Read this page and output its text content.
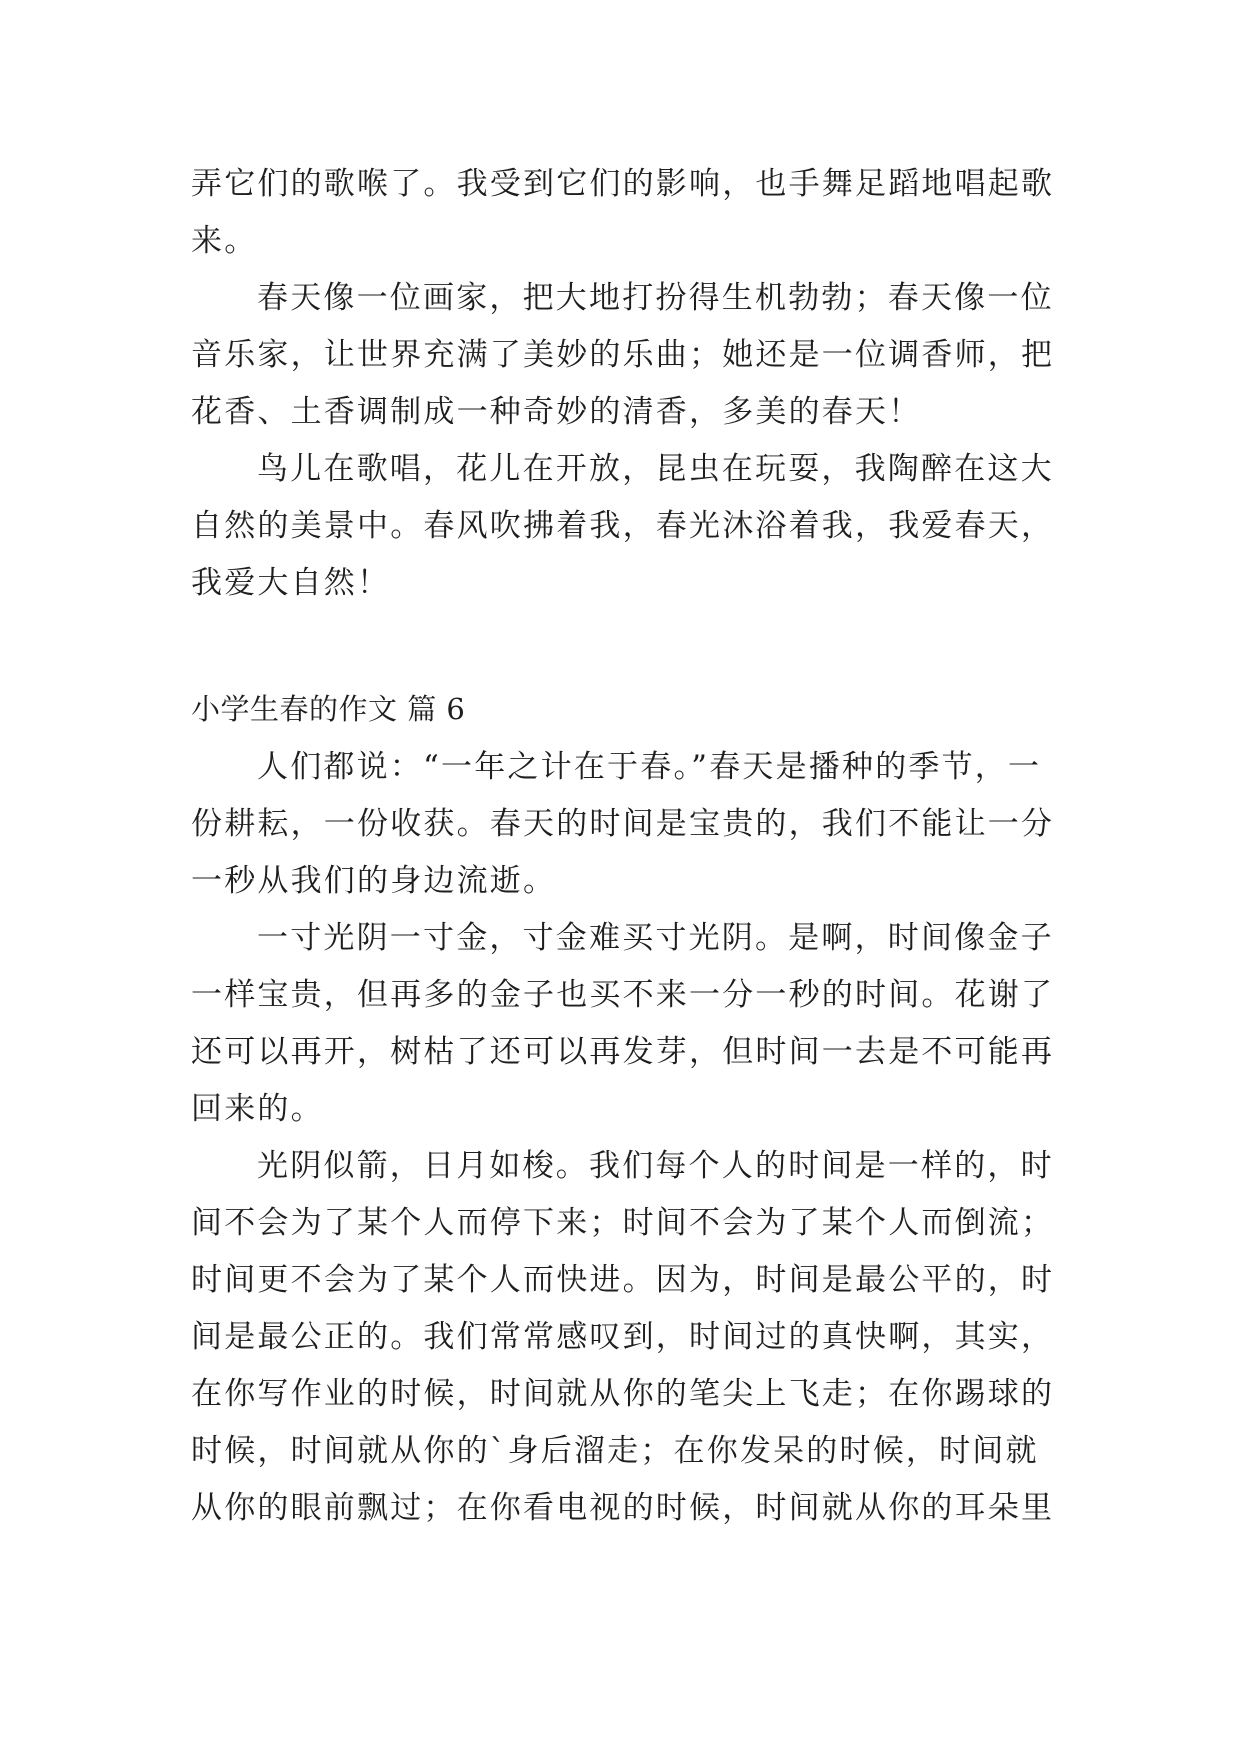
弄它们的歌喉了。我受到它们的影响，也手舞足蹈地唱起歌
来。
春天像一位画家，把大地打扮得生机勃勃；春天像一位
音乐家，让世界充满了美妙的乐曲；她还是一位调香师，把
花香、土香调制成一种奇妙的清香，多美的春天！
鸟儿在歌唱，花儿在开放，昆虫在玩耍，我陶醉在这大
自然的美景中。春风吹拂着我，春光沐浴着我，我爱春天，
我爱大自然！
小学生春的作文 篇 6
人们都说：“一年之计在于春。”春天是播种的季节，一
份耕耘，一份收获。春天的时间是宝贵的，我们不能让一分
一秒从我们的身边流逝。
一寸光阴一寸金，寸金难买寸光阴。是啊，时间像金子
一样宝贵，但再多的金子也买不来一分一秒的时间。花谢了
还可以再开，树枯了还可以再发芽，但时间一去是不可能再
回来的。
光阴似箭，日月如梭。我们每个人的时间是一样的，时
间不会为了某个人而停下来；时间不会为了某个人而倒流；
时间更不会为了某个人而快进。因为，时间是最公平的，时
间是最公正的。我们常常感叹到，时间过的真快啊，其实，
在你写作业的时候，时间就从你的笔尖上飞走；在你踢球的
时候，时间就从你的`身后溜走；在你发呆的时候，时间就
从你的眼前飘过；在你看电视的时候，时间就从你的耳朵里
